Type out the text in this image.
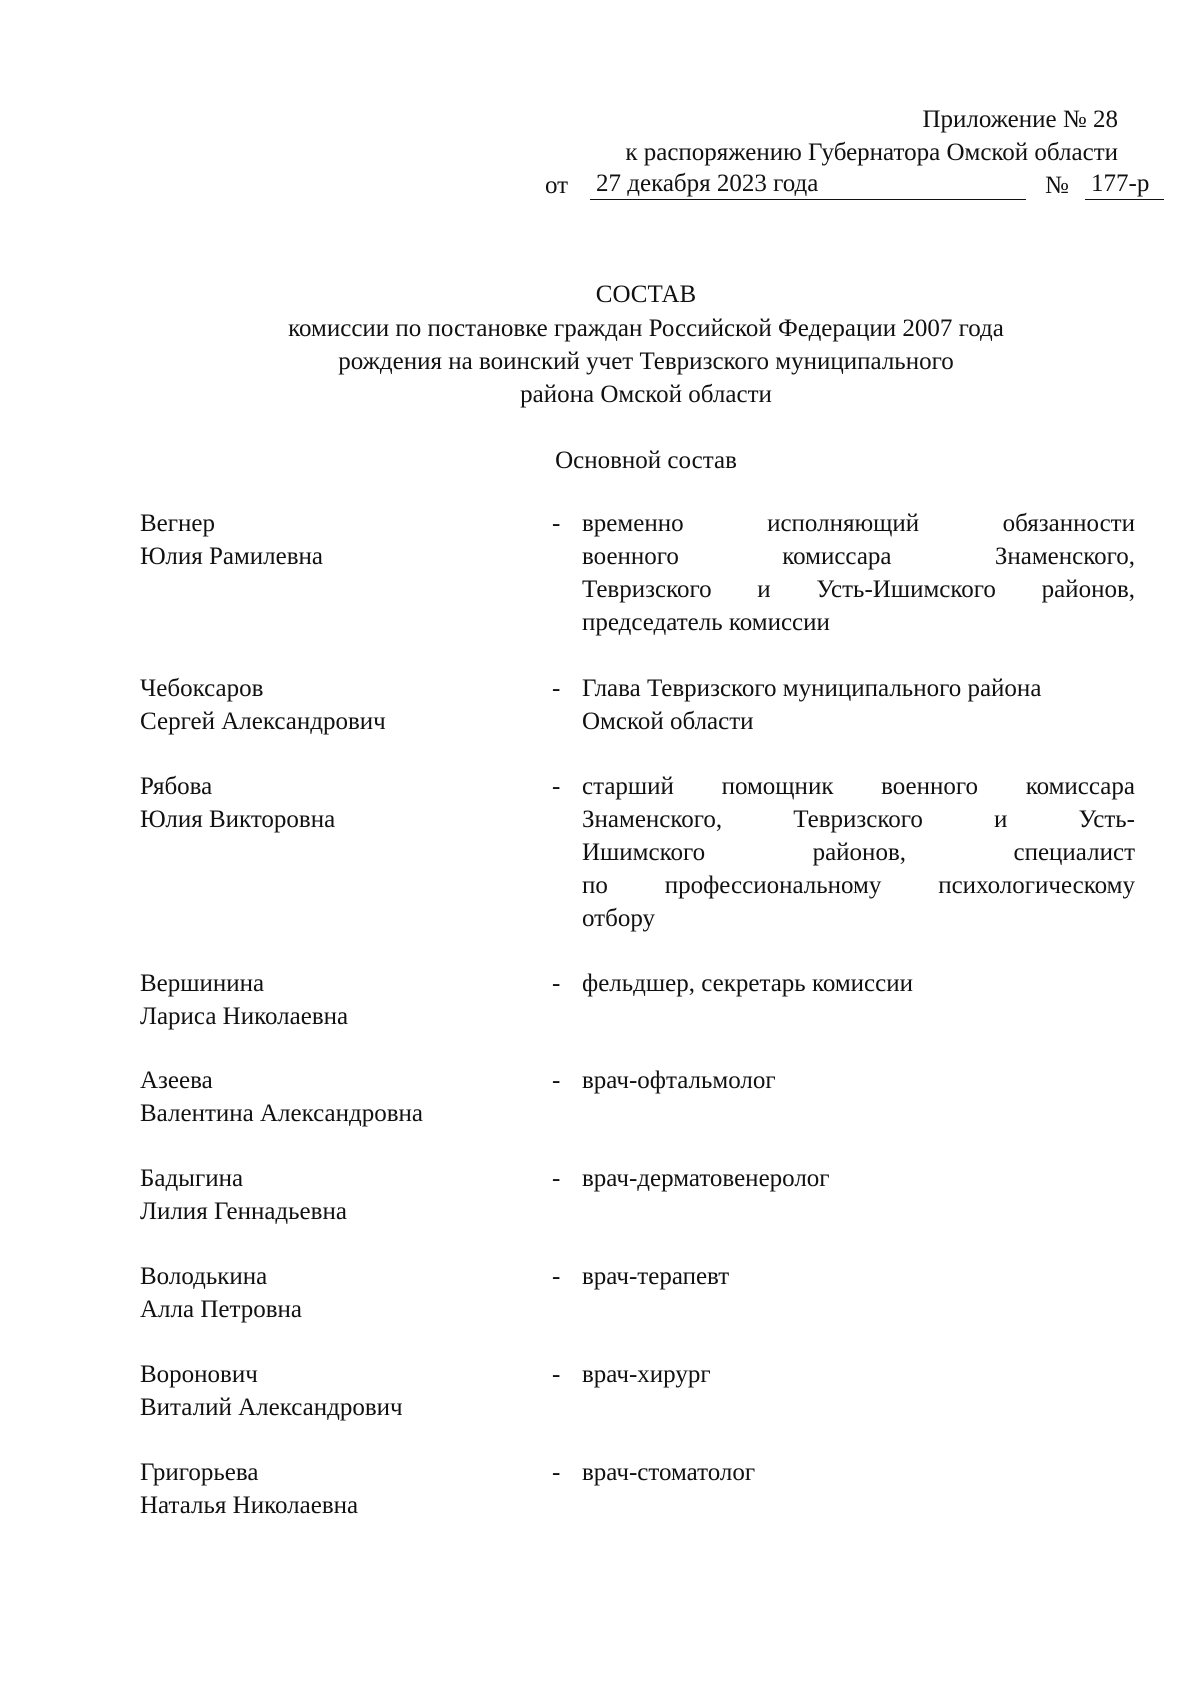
Приложение № 28
к распоряжению Губернатора Омской области
от 27 декабря 2023 года	№ 177-р
СОСТАВ
комиссии по постановке граждан Российской Федерации 2007 года
рождения на воинский учет Тевризского муниципального
района Омской области
Основной состав
Вегнер
Юлия Рамилевна
- временно исполняющий обязанности
военного комиссара Знаменского,
Тевризского и Усть-Ишимского районов,
председатель комиссии
Чебоксаров
Сергей Александрович
- Глава Тевризского муниципального района
Омской области
Рябова
Юлия Викторовна
- старший помощник военного комиссара
Знаменского, Тевризского и Усть-
Ишимского районов, специалист
по профессиональному психологическому
отбору
Вершинина
Лариса Николаевна
- фельдшер, секретарь комиссии
Азеева
Валентина Александровна
- врач-офтальмолог
Бадыгина
Лилия Геннадьевна
- врач-дерматовенеролог
Володькина
Алла Петровна
- врач-терапевт
Воронович
Виталий Александрович
- врач-хирург
Григорьева
Наталья Николаевна
- врач-стоматолог
